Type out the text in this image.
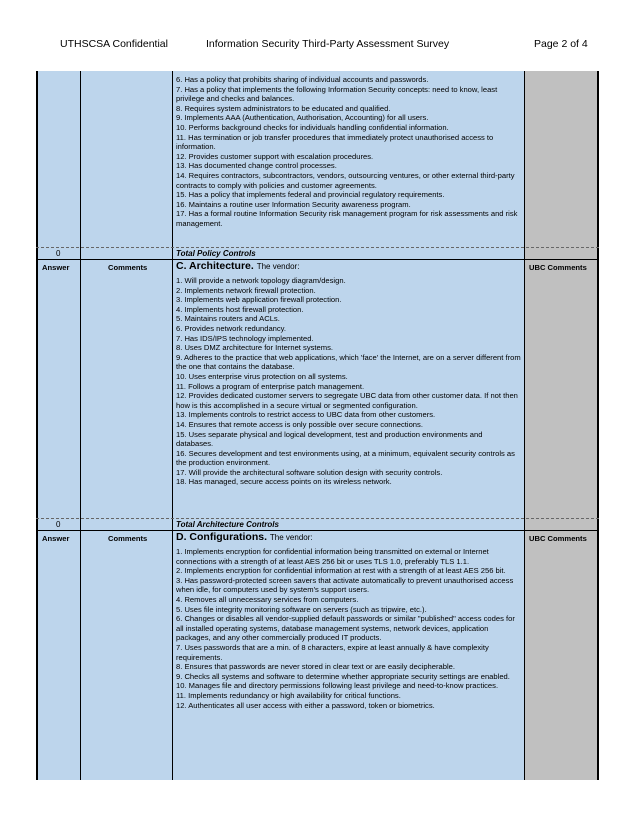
UTHSCSA Confidential	Information Security Third-Party Assessment Survey	Page 2 of 4
6. Has a policy that prohibits sharing of individual accounts and passwords.
7. Has a policy that implements the following Information Security concepts: need to know, least privilege and checks and balances.
8. Requires system administrators to be educated and qualified.
9. Implements AAA (Authentication, Authorisation, Accounting) for all users.
10. Performs background checks for individuals handling confidential information.
11. Has termination or job transfer procedures that immediately protect unauthorised access to information.
12. Provides customer support with escalation procedures.
13. Has documented change control processes.
14. Requires contractors, subcontractors, vendors, outsourcing ventures, or other external third-party contracts to comply with policies and customer agreements.
15. Has a policy that implements federal and provincial regulatory requirements.
16. Maintains a routine user Information Security awareness program.
17. Has a formal routine Information Security risk management program for risk assessments and risk management.
0	Total Policy Controls
Answer	Comments	C. Architecture. The vendor:	UBC Comments
1. Will provide a network topology diagram/design.
2. Implements network firewall protection.
3. Implements web application firewall protection.
4. Implements host firewall protection.
5. Maintains routers and ACLs.
6. Provides network redundancy.
7. Has IDS/IPS technology implemented.
8. Uses DMZ architecture for Internet systems.
9. Adheres to the practice that web applications, which 'face' the Internet, are on a server different from the one that contains the database.
10. Uses enterprise virus protection on all systems.
11. Follows a program of enterprise patch management.
12. Provides dedicated customer servers to segregate UBC data from other customer data. If not then how is this accomplished in a secure virtual or segmented configuration.
13. Implements controls to restrict access to UBC data from other customers.
14. Ensures that remote access is only possible over secure connections.
15. Uses separate physical and logical development, test and production environments and databases.
16. Secures development and test environments using, at a minimum, equivalent security controls as the production environment.
17. Will provide the architectural software solution design with security controls.
18. Has managed, secure access points on its wireless network.
0	Total Architecture Controls
Answer	Comments	D. Configurations. The vendor:	UBC Comments
1. Implements encryption for confidential information being transmitted on external or Internet connections with a strength of at least AES 256 bit or uses TLS 1.0, preferably TLS 1.1.
2. Implements encryption for confidential information at rest with a strength of at least AES 256 bit.
3. Has password-protected screen savers that activate automatically to prevent unauthorised access when idle, for computers used by system's support users.
4. Removes all unnecessary services from computers.
5. Uses file integrity monitoring software on servers (such as tripwire, etc.).
6. Changes or disables all vendor-supplied default passwords or similar "published" access codes for all installed operating systems, database management systems, network devices, application packages, and any other commercially produced IT products.
7. Uses passwords that are a min. of 8 characters, expire at least annually & have complexity requirements.
8. Ensures that passwords are never stored in clear text or are easily decipherable.
9. Checks all systems and software to determine whether appropriate security settings are enabled.
10. Manages file and directory permissions following least privilege and need-to-know practices.
11. Implements redundancy or high availability for critical functions.
12. Authenticates all user access with either a password, token or biometrics.
